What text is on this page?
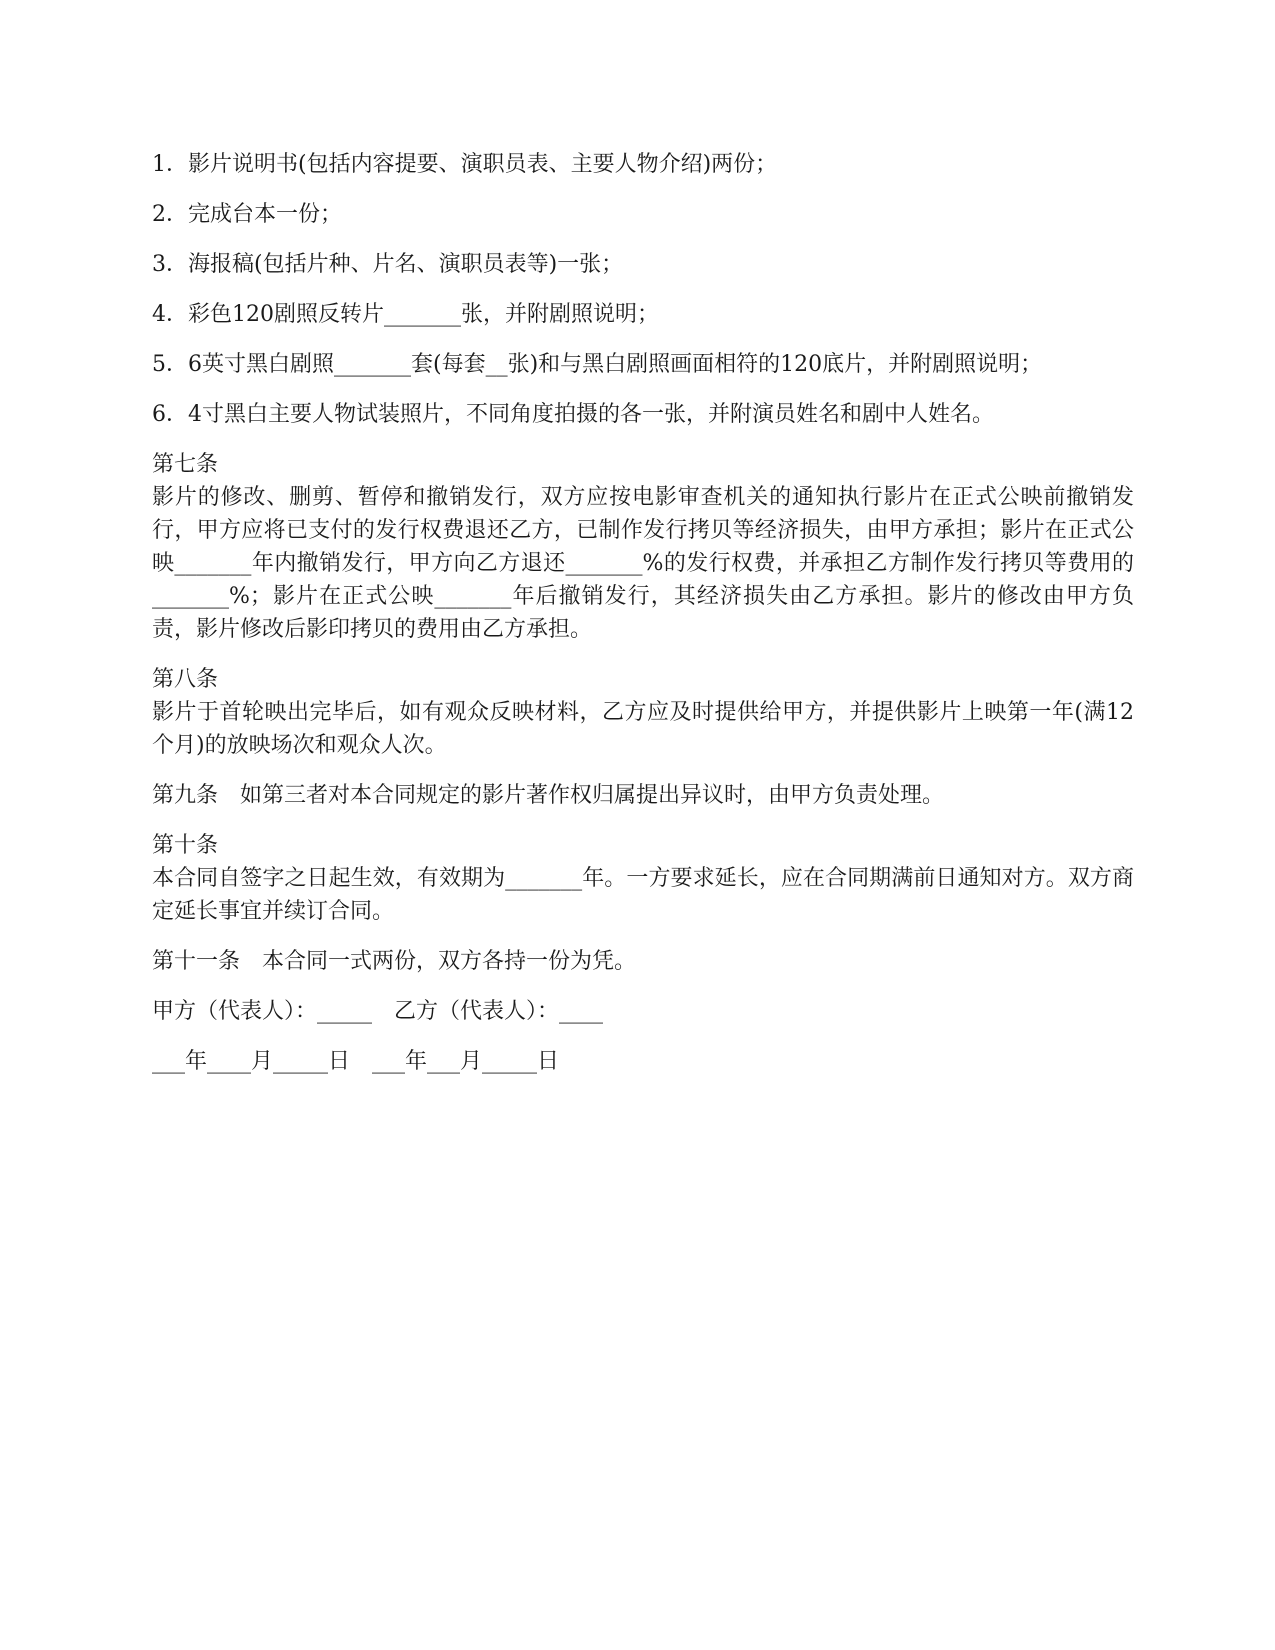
1．影片说明书(包括内容提要、演职员表、主要人物介绍)两份；

2．完成台本一份；

3．海报稿(包括片种、片名、演职员表等)一张；

4．彩色120剧照反转片_______张，并附剧照说明；

5．6英寸黑白剧照_______套(每套__张)和与黑白剧照画面相符的120底片，并附剧照说明；

6．4寸黑白主要人物试装照片，不同角度拍摄的各一张，并附演员姓名和剧中人姓名。

第七条

影片的修改、删剪、暂停和撤销发行，双方应按电影审查机关的通知执行影片在正式公映前撤销发行，甲方应将已支付的发行权费退还乙方，已制作发行拷贝等经济损失，由甲方承担；影片在正式公映_______年内撤销发行，甲方向乙方退还_______%的发行权费，并承担乙方制作发行拷贝等费用的_______%；影片在正式公映_______年后撤销发行，其经济损失由乙方承担。影片的修改由甲方负责，影片修改后影印拷贝的费用由乙方承担。

第八条

影片于首轮映出完毕后，如有观众反映材料，乙方应及时提供给甲方，并提供影片上映第一年(满12个月)的放映场次和观众人次。

第九条　如第三者对本合同规定的影片著作权归属提出异议时，由甲方负责处理。

第十条

本合同自签字之日起生效，有效期为_______年。一方要求延长，应在合同期满前日通知对方。双方商定延长事宜并续订合同。

第十一条　本合同一式两份，双方各持一份为凭。

甲方（代表人）：_____　乙方（代表人）：____

___年____月_____日　___年___月_____日
